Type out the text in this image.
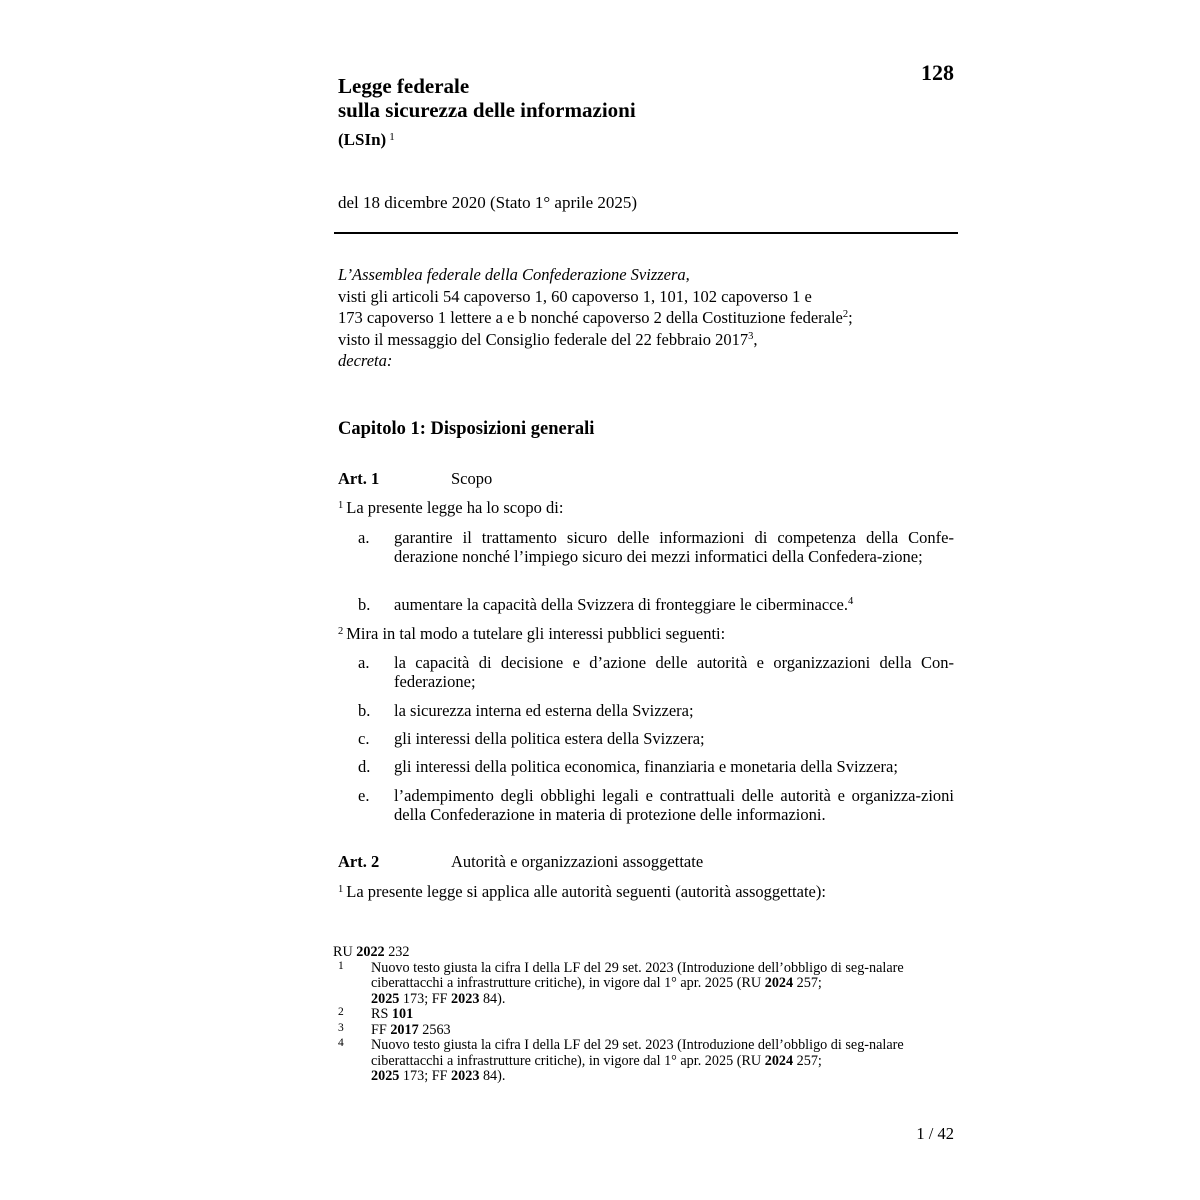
128
Legge federale
sulla sicurezza delle informazioni
(LSIn) $^1$
del 18 dicembre 2020 (Stato 1° aprile 2025)
L’Assemblea federale della Confederazione Svizzera,
visti gli articoli 54 capoverso 1, 60 capoverso 1, 101, 102 capoverso 1 e
173 capoverso 1 lettere a e b nonché capoverso 2 della Costituzione federale$^2$;
visto il messaggio del Consiglio federale del 22 febbraio 2017$^3$,
decreta:
Capitolo 1: Disposizioni generali
Art. 1	Scopo
$^1$ La presente legge ha lo scopo di:
a.	garantire il trattamento sicuro delle informazioni di competenza della Confe-derazione nonché l’impiego sicuro dei mezzi informatici della Confedera-zione;
b.	aumentare la capacità della Svizzera di fronteggiare le ciberminacce.$^4$
$^2$ Mira in tal modo a tutelare gli interessi pubblici seguenti:
a.	la capacità di decisione e d’azione delle autorità e organizzazioni della Con-federazione;
b.	la sicurezza interna ed esterna della Svizzera;
c.	gli interessi della politica estera della Svizzera;
d.	gli interessi della politica economica, finanziaria e monetaria della Svizzera;
e.	l’adempimento degli obblighi legali e contrattuali delle autorità e organizza-zioni della Confederazione in materia di protezione delle informazioni.
Art. 2	Autorità e organizzazioni assoggettate
$^1$ La presente legge si applica alle autorità seguenti (autorità assoggettate):
RU 2022 232
1 Nuovo testo giusta la cifra I della LF del 29 set. 2023 (Introduzione dell’obbligo di seg-nalare ciberattacchi a infrastrutture critiche), in vigore dal 1° apr. 2025 (RU 2024 257;
2025 173; FF 2023 84).
2 RS 101
3 FF 2017 2563
4 Nuovo testo giusta la cifra I della LF del 29 set. 2023 (Introduzione dell’obbligo di seg-nalare ciberattacchi a infrastrutture critiche), in vigore dal 1° apr. 2025 (RU 2024 257;
2025 173; FF 2023 84).
1 / 42
